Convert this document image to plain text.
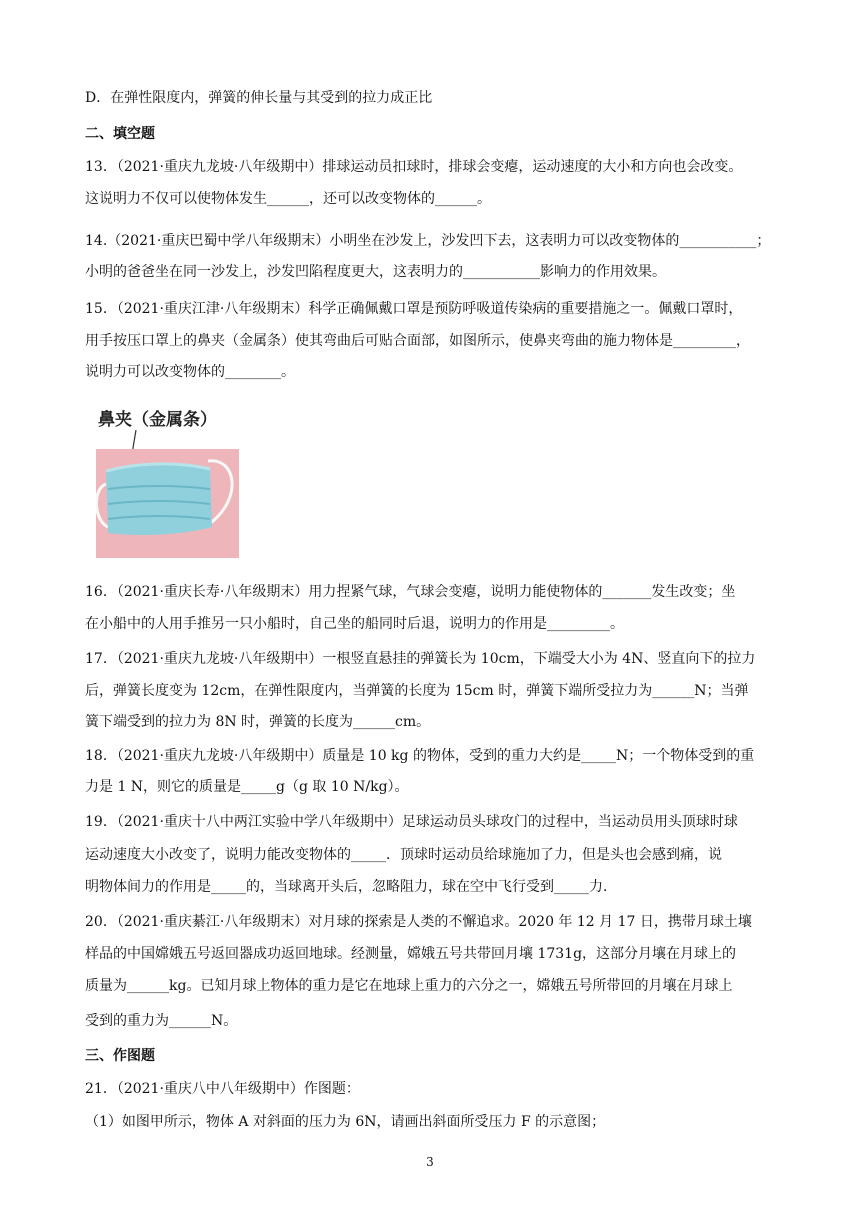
D．在弹性限度内，弹簧的伸长量与其受到的拉力成正比
二、填空题
13．（2021·重庆九龙坡·八年级期中）排球运动员扣球时，排球会变瘪，运动速度的大小和方向也会改变。
这说明力不仅可以使物体发生______，还可以改变物体的______。
14.（2021·重庆巴蜀中学八年级期末）小明坐在沙发上，沙发凹下去，这表明力可以改变物体的___________；
小明的爸爸坐在同一沙发上，沙发凹陷程度更大，这表明力的___________影响力的作用效果。
15．（2021·重庆江津·八年级期末）科学正确佩戴口罩是预防呼吸道传染病的重要措施之一。佩戴口罩时，
用手按压口罩上的鼻夹（金属条）使其弯曲后可贴合面部，如图所示，使鼻夹弯曲的施力物体是_________，
说明力可以改变物体的________。
鼻夹（金属条）
16．（2021·重庆长寿·八年级期末）用力捏紧气球，气球会变瘪，说明力能使物体的_______发生改变；坐
在小船中的人用手推另一只小船时，自己坐的船同时后退，说明力的作用是_________。
17．（2021·重庆九龙坡·八年级期中）一根竖直悬挂的弹簧长为 10cm，下端受大小为 4N、竖直向下的拉力
后，弹簧长度变为 12cm，在弹性限度内，当弹簧的长度为 15cm 时，弹簧下端所受拉力为______N；当弹
簧下端受到的拉力为 8N 时，弹簧的长度为______cm。
18．（2021·重庆九龙坡·八年级期中）质量是 10 kg 的物体，受到的重力大约是_____N；一个物体受到的重
力是 1 N，则它的质量是_____g（g 取 10 N/kg）。
19．（2021·重庆十八中两江实验中学八年级期中）足球运动员头球攻门的过程中，当运动员用头顶球时球
运动速度大小改变了，说明力能改变物体的_____．顶球时运动员给球施加了力，但是头也会感到痛，说
明物体间力的作用是_____的，当球离开头后，忽略阻力，球在空中飞行受到_____力．
20．（2021·重庆綦江·八年级期末）对月球的探索是人类的不懈追求。2020 年 12 月 17 日，携带月球土壤
样品的中国嫦娥五号返回器成功返回地球。经测量，嫦娥五号共带回月壤 1731g，这部分月壤在月球上的
质量为______kg。已知月球上物体的重力是它在地球上重力的六分之一，嫦娥五号所带回的月壤在月球上
受到的重力为______N。
三、作图题
21．（2021·重庆八中八年级期中）作图题：
（1）如图甲所示，物体 A 对斜面的压力为 6N，请画出斜面所受压力 F 的示意图；
3
